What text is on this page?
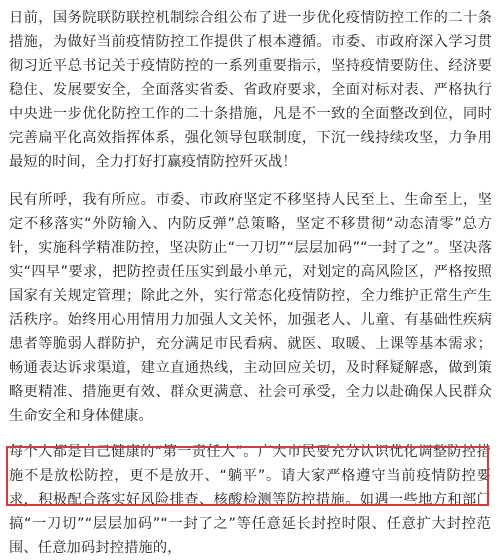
日前，国务院联防联控机制综合组公布了进一步优化疫情防控工作的二十条措施，为做好当前疫情防控工作提供了根本遵循。市委、市政府深入学习贯彻习近平总书记关于疫情防控的一系列重要指示，坚持疫情要防住、经济要稳住、发展要安全，全面落实省委、省政府要求，全面对标对表、严格执行中央进一步优化防控工作的二十条措施，凡是不一致的全面整改到位，同时完善扁平化高效指挥体系，强化领导包联制度，下沉一线持续攻坚，力争用最短的时间，全力打好打赢疫情防控歼灭战！

民有所呼，我有所应。市委、市政府坚定不移坚持人民至上、生命至上，坚定不移落实“外防输入、内防反弹”总策略，坚定不移贯彻“动态清零”总方针，实施科学精准防控，坚决防止“一刀切”“层层加码”“一封了之”。坚决落实“四早”要求，把防控责任压实到最小单元，对划定的高风险区，严格按照国家有关规定管理；除此之外，实行常态化疫情防控，全力维护正常生产生活秩序。始终用心用情用力加强人文关怀，加强老人、儿童、有基础性疾病患者等脆弱人群防护，充分满足市民看病、就医、取暖、上课等基本需求；畅通表达诉求渠道，建立直通热线，主动回应关切，及时释疑解惑，做到策略更精准、措施更有效、群众更满意、社会可承受，全力以赴确保人民群众生命安全和身体健康。

每个人都是自己健康的“第一责任人”。广大市民要充分认识优化调整防控措施不是放松防控，更不是放开、“躺平”。请大家严格遵守当前疫情防控要求，积极配合落实好风险排查、核酸检测等防控措施。如遇一些地方和部门搞“一刀切”“层层加码”“一封了之”等任意延长封控时限、任意扩大封控范围、任意加码封控措施的，
